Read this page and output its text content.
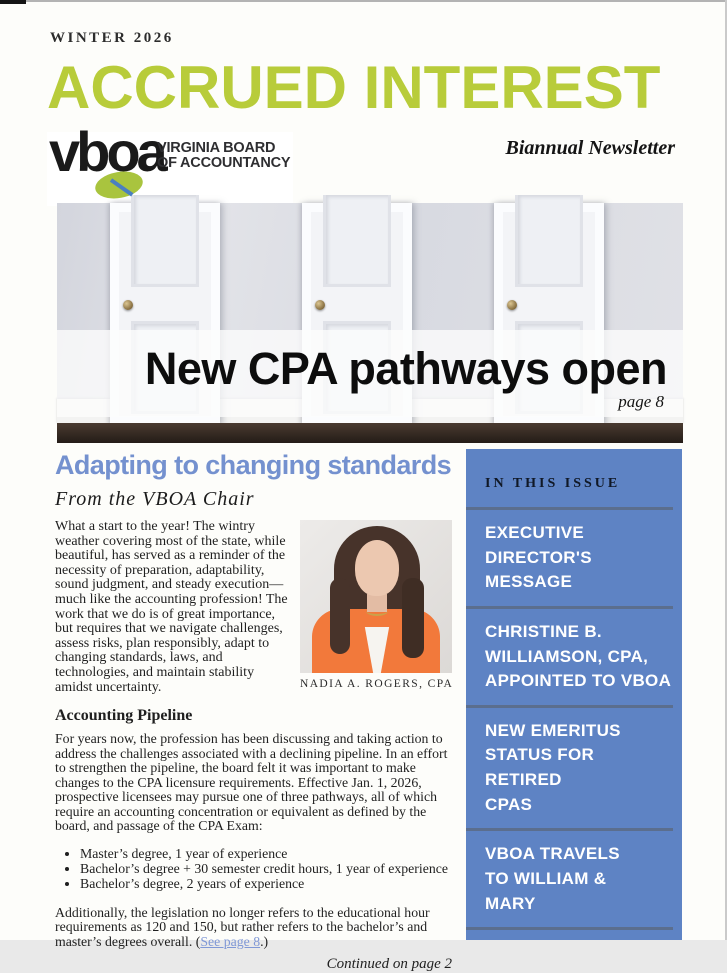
WINTER 2026
ACCRUED INTEREST
vboa
VIRGINIA BOARD
OF ACCOUNTANCY
Biannual Newsletter
New CPA pathways open
page 8
Adapting to changing standards
From the VBOA Chair
NADIA A. ROGERS, CPA
What a start to the year! The wintry weather covering most of the state, while beautiful, has served as a reminder of the necessity of preparation, adaptability, sound judgment, and steady execution—much like the accounting profession! The work that we do is of great importance, but requires that we navigate challenges, assess risks, plan responsibly, adapt to changing standards, laws, and technologies, and maintain stability amidst uncertainty.
Accounting Pipeline
For years now, the profession has been discussing and taking action to address the challenges associated with a declining pipeline. In an effort to strengthen the pipeline, the board felt it was important to make changes to the CPA licensure requirements. Effective Jan. 1, 2026, prospective licensees may pursue one of three pathways, all of which require an accounting concentration or equivalent as defined by the board, and passage of the CPA Exam:
• Master’s degree, 1 year of experience
• Bachelor’s degree + 30 semester credit hours, 1 year of experience
• Bachelor’s degree, 2 years of experience
Additionally, the legislation no longer refers to the educational hour requirements as 120 and 150, but rather refers to the bachelor’s and master’s degrees overall. (See page 8.)
Continued on page 2
IN THIS ISSUE
EXECUTIVE
DIRECTOR'S
MESSAGE
CHRISTINE B.
WILLIAMSON, CPA,
APPOINTED TO VBOA
NEW EMERITUS
STATUS FOR RETIRED
CPAS
VBOA TRAVELS
TO WILLIAM &
MARY
